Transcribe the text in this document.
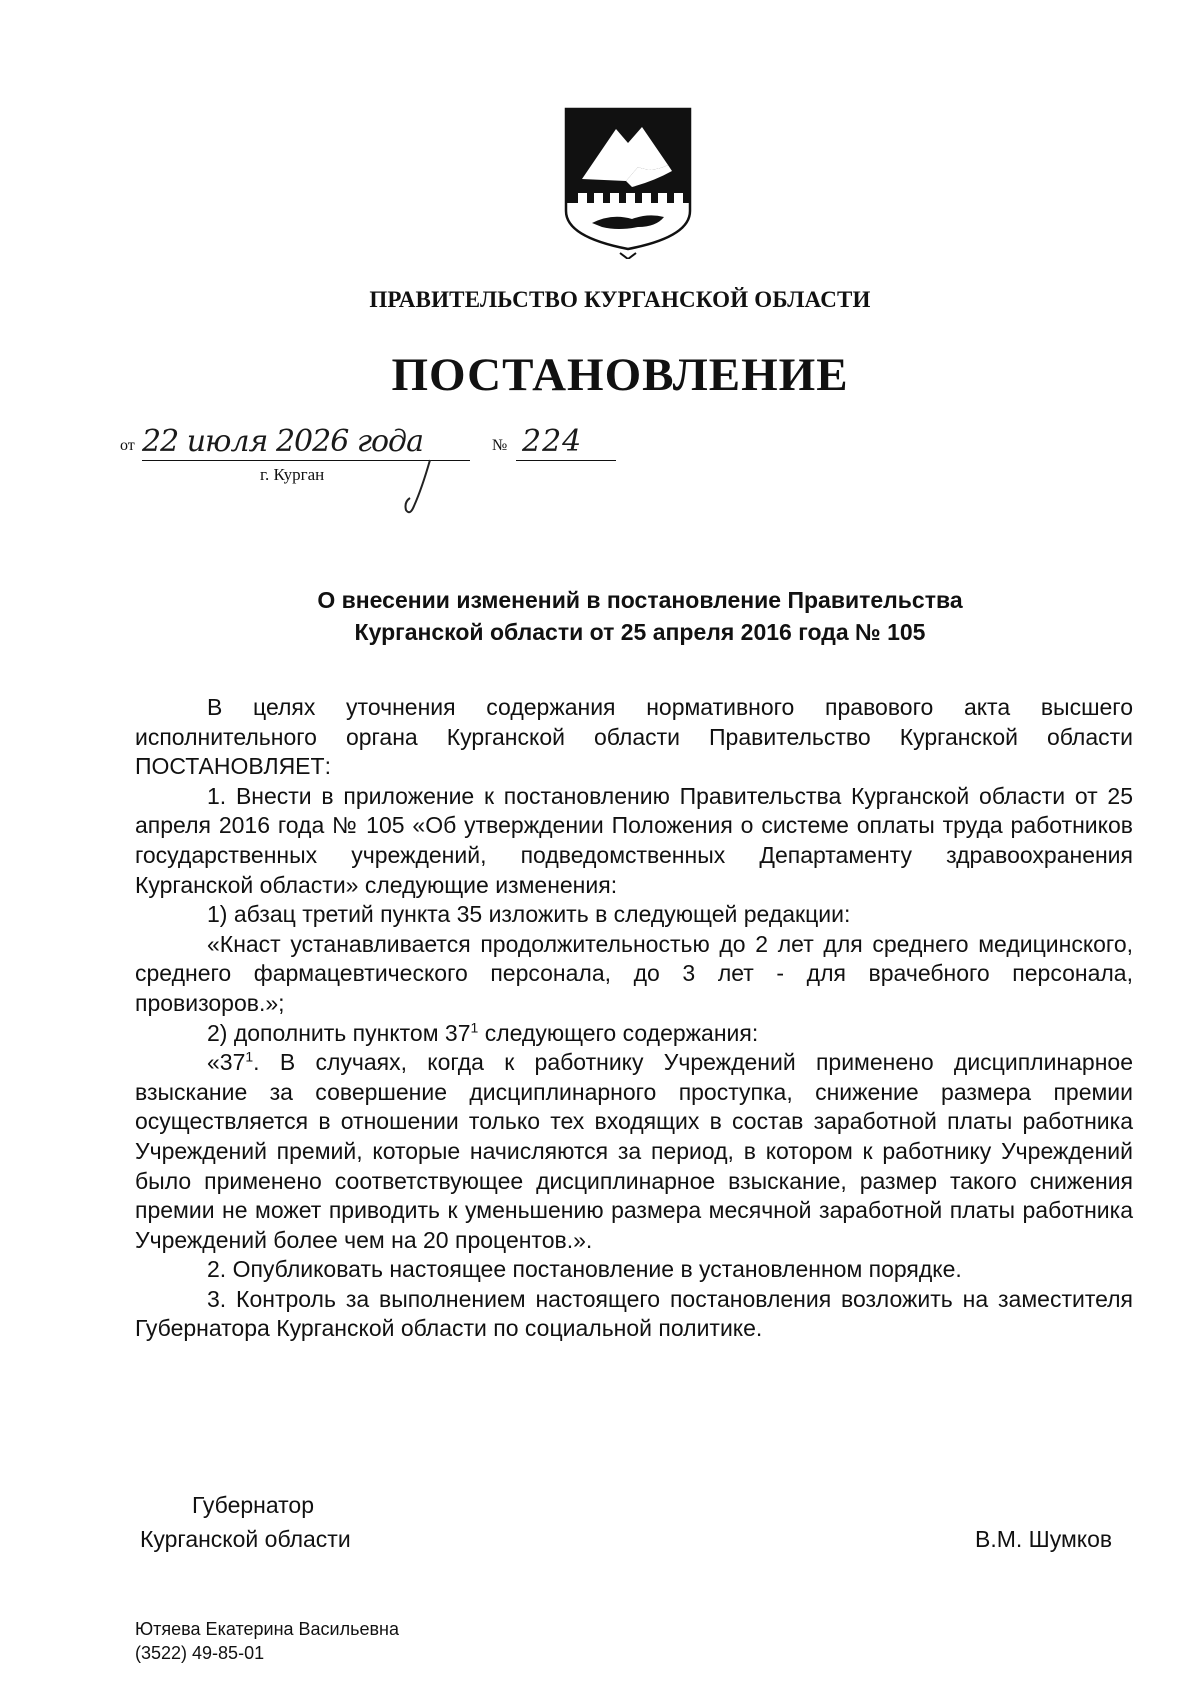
ПРАВИТЕЛЬСТВО КУРГАНСКОЙ ОБЛАСТИ
ПОСТАНОВЛЕНИЕ
от 22 июля 2026 года	№ 224
г. Курган
О внесении изменений в постановление Правительства
Курганской области от 25 апреля 2016 года № 105

В целях уточнения содержания нормативного правового акта высшего исполнительного органа Курганской области Правительство Курганской области ПОСТАНОВЛЯЕТ:

1. Внести в приложение к постановлению Правительства Курганской области от 25 апреля 2016 года № 105 «Об утверждении Положения о системе оплаты труда работников государственных учреждений, подведомственных Департаменту здравоохранения Курганской области» следующие изменения:

1) абзац третий пункта 35 изложить в следующей редакции:

«Кнаст устанавливается продолжительностью до 2 лет для среднего медицинского, среднего фармацевтического персонала, до 3 лет - для врачебного персонала, провизоров.»;

2) дополнить пунктом $37^1$ следующего содержания:

«$37^1$. В случаях, когда к работнику Учреждений применено дисциплинарное взыскание за совершение дисциплинарного проступка, снижение размера премии осуществляется в отношении только тех входящих в состав заработной платы работника Учреждений премий, которые начисляются за период, в котором к работнику Учреждений было применено соответствующее дисциплинарное взыскание, размер такого снижения премии не может приводить к уменьшению размера месячной заработной платы работника Учреждений более чем на 20 процентов.».

2. Опубликовать настоящее постановление в установленном порядке.

3. Контроль за выполнением настоящего постановления возложить на заместителя Губернатора Курганской области по социальной политике.

Губернатор
Курганской области	В.М. Шумков
Ютяева Екатерина Васильевна
(3522) 49-85-01
